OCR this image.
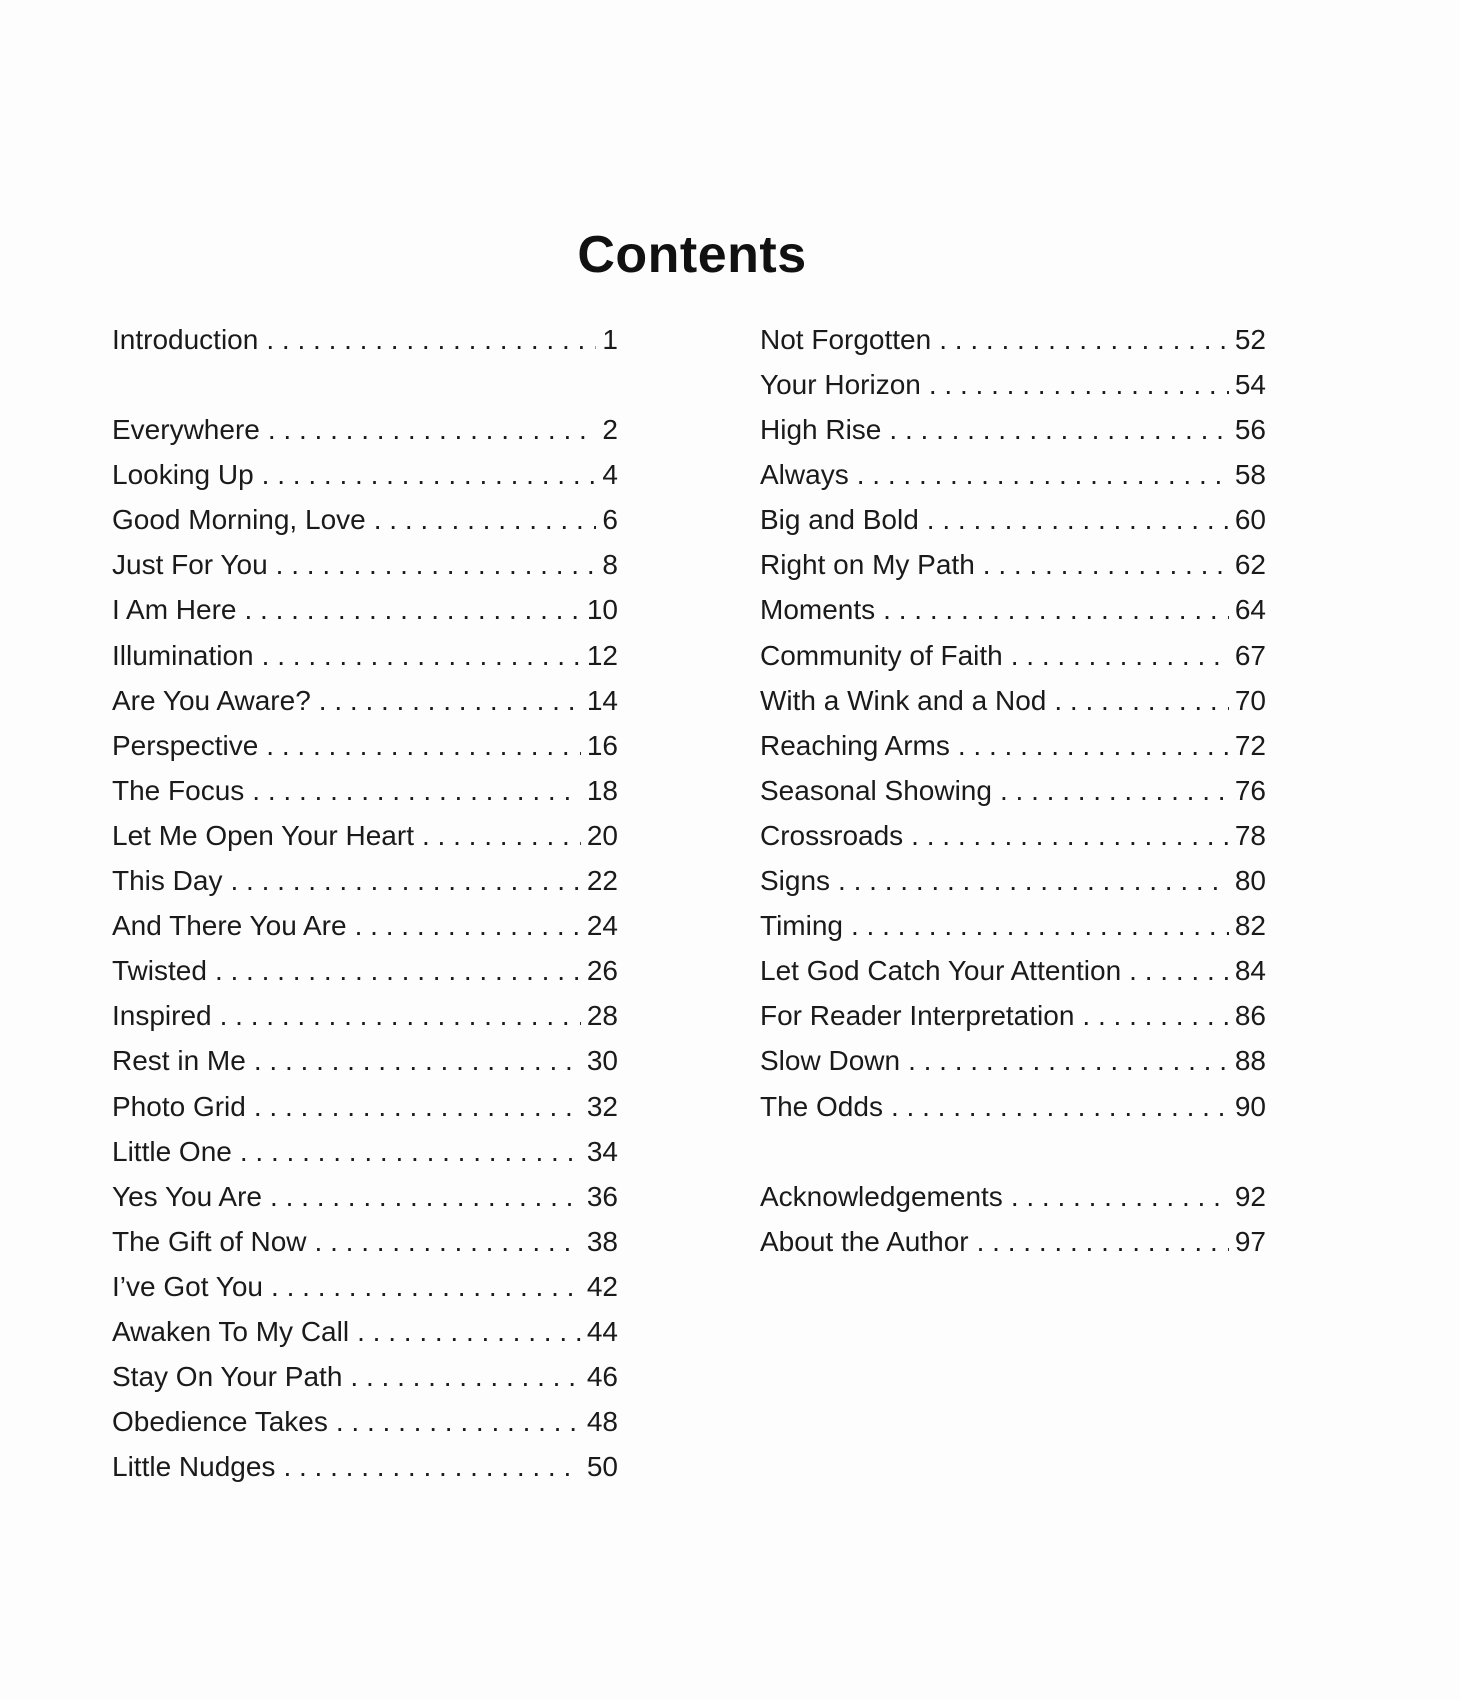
Contents
Introduction . . .	1
Everywhere . . .	2
Looking Up . . .	4
Good Morning, Love . . .	6
Just For You . . .	8
I Am Here . . .	10
Illumination . . .	12
Are You Aware? . . .	14
Perspective . . .	16
The Focus . . .	18
Let Me Open Your Heart . . .	20
This Day . . .	22
And There You Are . . .	24
Twisted . . .	26
Inspired . . .	28
Rest in Me . . .	30
Photo Grid . . .	32
Little One . . .	34
Yes You Are . . .	36
The Gift of Now . . .	38
I’ve Got You . . .	42
Awaken To My Call . . .	44
Stay On Your Path . . .	46
Obedience Takes . . .	48
Little Nudges . . .	50
Not Forgotten . . .	52
Your Horizon . . .	54
High Rise . . .	56
Always . . .	58
Big and Bold . . .	60
Right on My Path . . .	62
Moments . . .	64
Community of Faith . . .	67
With a Wink and a Nod . . .	70
Reaching Arms . . .	72
Seasonal Showing . . .	76
Crossroads . . .	78
Signs . . .	80
Timing . . .	82
Let God Catch Your Attention . . .	84
For Reader Interpretation . . .	86
Slow Down . . .	88
The Odds . . .	90
Acknowledgements . . .	92
About the Author . . .	97
